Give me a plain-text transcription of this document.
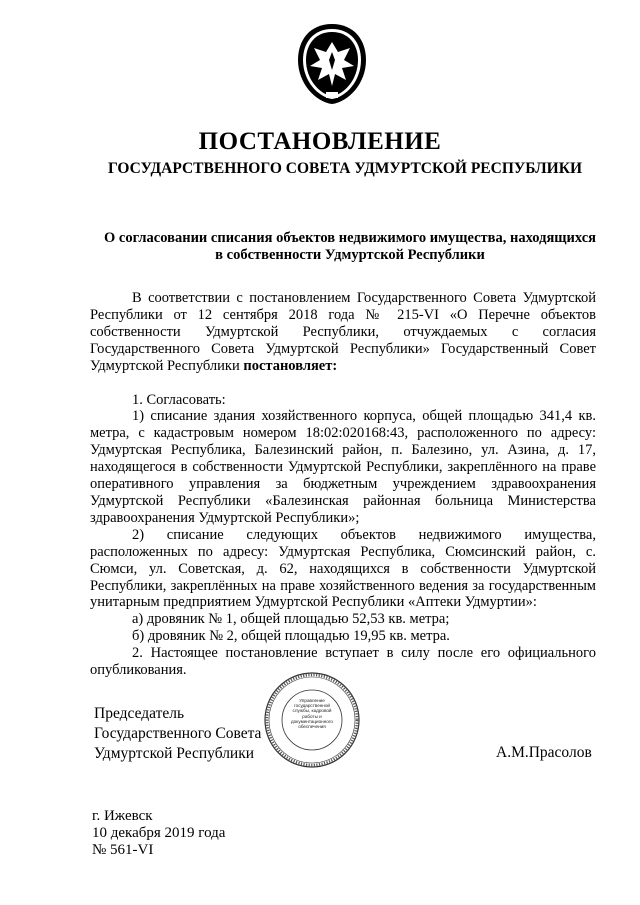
ПОСТАНОВЛЕНИЕ
ГОСУДАРСТВЕННОГО СОВЕТА УДМУРТСКОЙ РЕСПУБЛИКИ
О согласовании списания объектов недвижимого имущества, находящихся
в собственности Удмуртской Республики

В соответствии с постановлением Государственного Совета Удмуртской Республики от 12 сентября 2018 года № 215-VI «О Перечне объектов собственности Удмуртской Республики, отчуждаемых с согласия Государственного Совета Удмуртской Республики» Государственный Совет Удмуртской Республики постановляет:

1. Согласовать:

1) списание здания хозяйственного корпуса, общей площадью 341,4 кв. метра, с кадастровым номером 18:02:020168:43, расположенного по адресу: Удмуртская Республика, Балезинский район, п. Балезино, ул. Азина, д. 17, находящегося в собственности Удмуртской Республики, закреплённого на праве оперативного управления за бюджетным учреждением здравоохранения Удмуртской Республики «Балезинская районная больница Министерства здравоохранения Удмуртской Республики»;

2) списание следующих объектов недвижимого имущества, расположенных по адресу: Удмуртская Республика, Сюмсинский район, с. Сюмси, ул. Советская, д. 62, находящихся в собственности Удмуртской Республики, закреплённых на праве хозяйственного ведения за государственным унитарным предприятием Удмуртской Республики «Аптеки Удмуртии»:

а) дровяник № 1, общей площадью 52,53 кв. метра;

б) дровяник № 2, общей площадью 19,95 кв. метра.

2. Настоящее постановление вступает в силу после его официального опубликования.

Управление государственной службы, кадровой работы и документационного обеспечения
Председатель
Государственного Совета
Удмуртской Республики	А.М.Прасолов
г. Ижевск
10 декабря 2019 года
№ 561-VI
